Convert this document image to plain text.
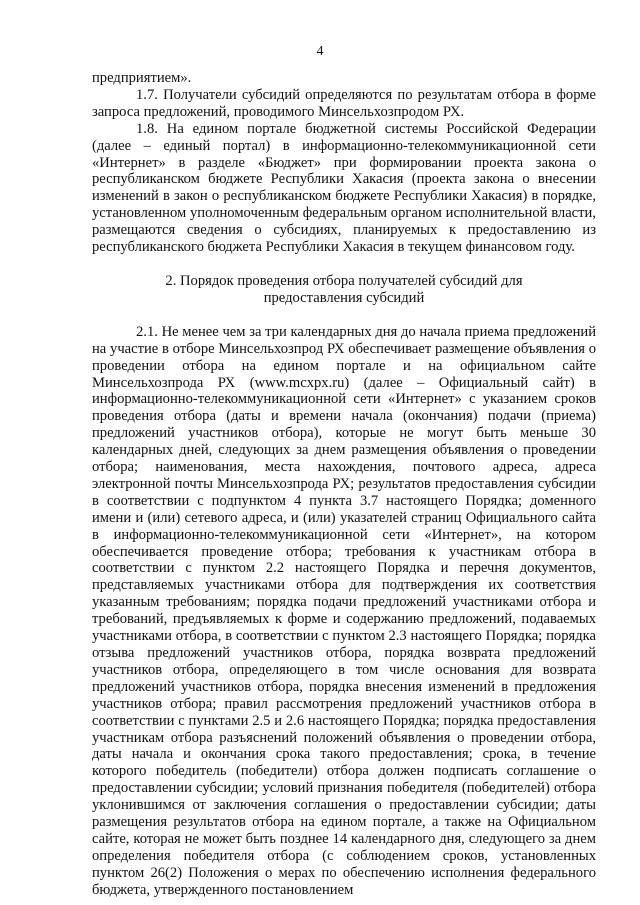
4

предприятием».

1.7. Получатели субсидий определяются по результатам отбора в форме запроса предложений, проводимого Минсельхозпродом РХ.

1.8. На едином портале бюджетной системы Российской Федерации (далее – единый портал) в информационно-телекоммуникационной сети «Интернет» в разделе «Бюджет» при формировании проекта закона о республиканском бюджете Республики Хакасия (проекта закона о внесении изменений в закон о республиканском бюджете Республики Хакасия) в порядке, установленном уполномоченным федеральным органом исполнительной власти, размещаются сведения о субсидиях, планируемых к предоставлению из республиканского бюджета Республики Хакасия в текущем финансовом году.

2. Порядок проведения отбора получателей субсидий для предоставления субсидий

2.1. Не менее чем за три календарных дня до начала приема предложений на участие в отборе Минсельхозпрод РХ обеспечивает размещение объявления о проведении отбора на едином портале и на официальном сайте Минсельхозпрода РХ (www.mcxpx.ru) (далее – Официальный сайт) в информационно-телекоммуникационной сети «Интернет» с указанием сроков проведения отбора (даты и времени начала (окончания) подачи (приема) предложений участников отбора), которые не могут быть меньше 30 календарных дней, следующих за днем размещения объявления о проведении отбора; наименования, места нахождения, почтового адреса, адреса электронной почты Минсельхозпрода РХ; результатов предоставления субсидии в соответствии с подпунктом 4 пункта 3.7 настоящего Порядка; доменного имени и (или) сетевого адреса, и (или) указателей страниц Официального сайта в информационно-телекоммуникационной сети «Интернет», на котором обеспечивается проведение отбора; требования к участникам отбора в соответствии с пунктом 2.2 настоящего Порядка и перечня документов, представляемых участниками отбора для подтверждения их соответствия указанным требованиям; порядка подачи предложений участниками отбора и требований, предъявляемых к форме и содержанию предложений, подаваемых участниками отбора, в соответствии с пунктом 2.3 настоящего Порядка; порядка отзыва предложений участников отбора, порядка возврата предложений участников отбора, определяющего в том числе основания для возврата предложений участников отбора, порядка внесения изменений в предложения участников отбора; правил рассмотрения предложений участников отбора в соответствии с пунктами 2.5 и 2.6 настоящего Порядка; порядка предоставления участникам отбора разъяснений положений объявления о проведении отбора, даты начала и окончания срока такого предоставления; срока, в течение которого победитель (победители) отбора должен подписать соглашение о предоставлении субсидии; условий признания победителя (победителей) отбора уклонившимся от заключения соглашения о предоставлении субсидии; даты размещения результатов отбора на едином портале, а также на Официальном сайте, которая не может быть позднее 14 календарного дня, следующего за днем определения победителя отбора (с соблюдением сроков, установленных пунктом 26(2) Положения о мерах по обеспечению исполнения федерального бюджета, утвержденного постановлением
